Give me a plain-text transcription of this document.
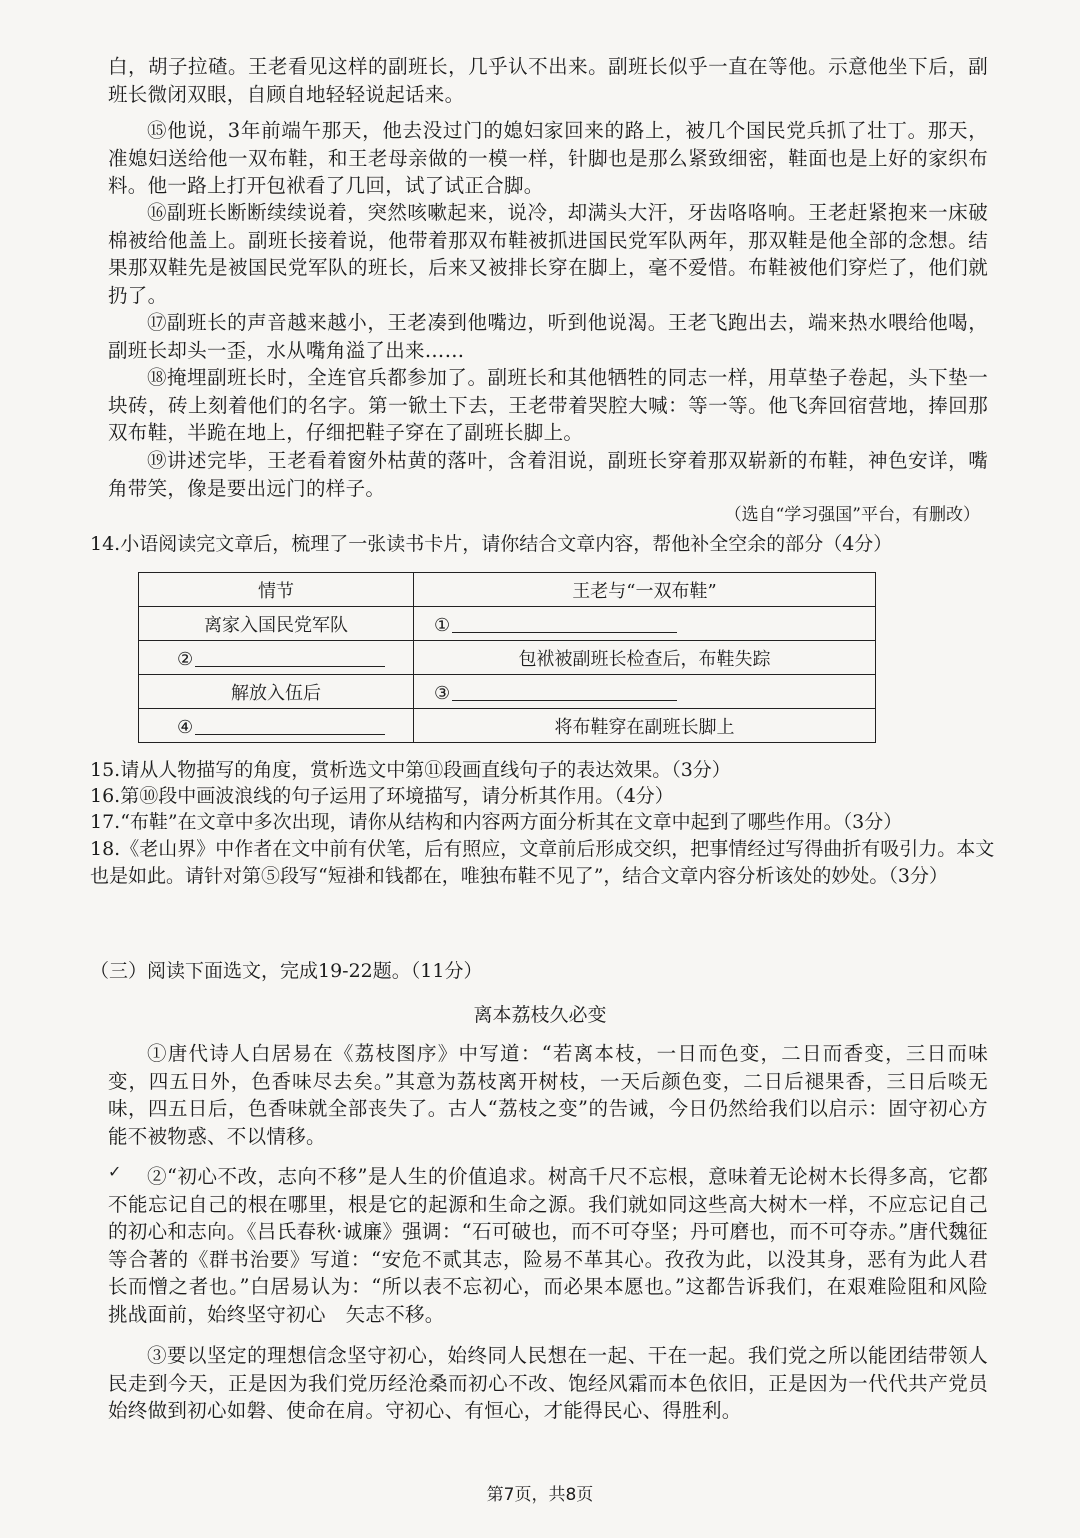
白，胡子拉碴。王老看见这样的副班长，几乎认不出来。副班长似乎一直在等他。示意他坐下后，副班长微闭双眼，自顾自地轻轻说起话来。

⑮他说，3年前端午那天，他去没过门的媳妇家回来的路上，被几个国民党兵抓了壮丁。那天，准媳妇送给他一双布鞋，和王老母亲做的一模一样，针脚也是那么紧致细密，鞋面也是上好的家织布料。他一路上打开包袱看了几回，试了试正合脚。

⑯副班长断断续续说着，突然咳嗽起来，说冷，却满头大汗，牙齿咯咯响。王老赶紧抱来一床破棉被给他盖上。副班长接着说，他带着那双布鞋被抓进国民党军队两年，那双鞋是他全部的念想。结果那双鞋先是被国民党军队的班长，后来又被排长穿在脚上，毫不爱惜。布鞋被他们穿烂了，他们就扔了。

⑰副班长的声音越来越小，王老凑到他嘴边，听到他说渴。王老飞跑出去，端来热水喂给他喝，副班长却头一歪，水从嘴角溢了出来……

⑱掩埋副班长时，全连官兵都参加了。副班长和其他牺牲的同志一样，用草垫子卷起，头下垫一块砖，砖上刻着他们的名字。第一锨土下去，王老带着哭腔大喊：等一等。他飞奔回宿营地，捧回那双布鞋，半跪在地上，仔细把鞋子穿在了副班长脚上。

⑲讲述完毕，王老看着窗外枯黄的落叶，含着泪说，副班长穿着那双崭新的布鞋，神色安详，嘴角带笑，像是要出远门的样子。

（选自“学习强国”平台，有删改）

14.小语阅读完文章后，梳理了一张读书卡片，请你结合文章内容，帮他补全空余的部分（4分）

情节	王老与“一双布鞋”
离家入国民党军队	①
②	包袱被副班长检查后，布鞋失踪
解放入伍后	③
④	将布鞋穿在副班长脚上

15.请从人物描写的角度，赏析选文中第⑪段画直线句子的表达效果。（3分）

16.第⑩段中画波浪线的句子运用了环境描写，请分析其作用。（4分）

17.“布鞋”在文章中多次出现，请你从结构和内容两方面分析其在文章中起到了哪些作用。（3分）

18.《老山界》中作者在文中前有伏笔，后有照应，文章前后形成交织，把事情经过写得曲折有吸引力。本文也是如此。请针对第⑤段写“短褂和钱都在，唯独布鞋不见了”，结合文章内容分析该处的妙处。（3分）

（三）阅读下面选文，完成19-22题。（11分）

离本荔枝久必变

①唐代诗人白居易在《荔枝图序》中写道：“若离本枝，一日而色变，二日而香变，三日而味变，四五日外，色香味尽去矣。”其意为荔枝离开树枝，一天后颜色变，二日后褪果香，三日后啖无味，四五日后，色香味就全部丧失了。古人“荔枝之变”的告诫，今日仍然给我们以启示：固守初心方能不被物惑、不以情移。

✓	②“初心不改，志向不移”是人生的价值追求。树高千尺不忘根，意味着无论树木长得多高，它都不能忘记自己的根在哪里，根是它的起源和生命之源。我们就如同这些高大树木一样，不应忘记自己的初心和志向。《吕氏春秋·诚廉》强调：“石可破也，而不可夺坚；丹可磨也，而不可夺赤。”唐代魏征等合著的《群书治要》写道：“安危不贰其志，险易不革其心。孜孜为此，以没其身，恶有为此人君长而憎之者也。”白居易认为：“所以表不忘初心，而必果本愿也。”这都告诉我们，在艰难险阻和风险挑战面前，始终坚守初心　矢志不移。

③要以坚定的理想信念坚守初心，始终同人民想在一起、干在一起。我们党之所以能团结带领人民走到今天，正是因为我们党历经沧桑而初心不改、饱经风霜而本色依旧，正是因为一代代共产党员始终做到初心如磐、使命在肩。守初心、有恒心，才能得民心、得胜利。

第7页，共8页
